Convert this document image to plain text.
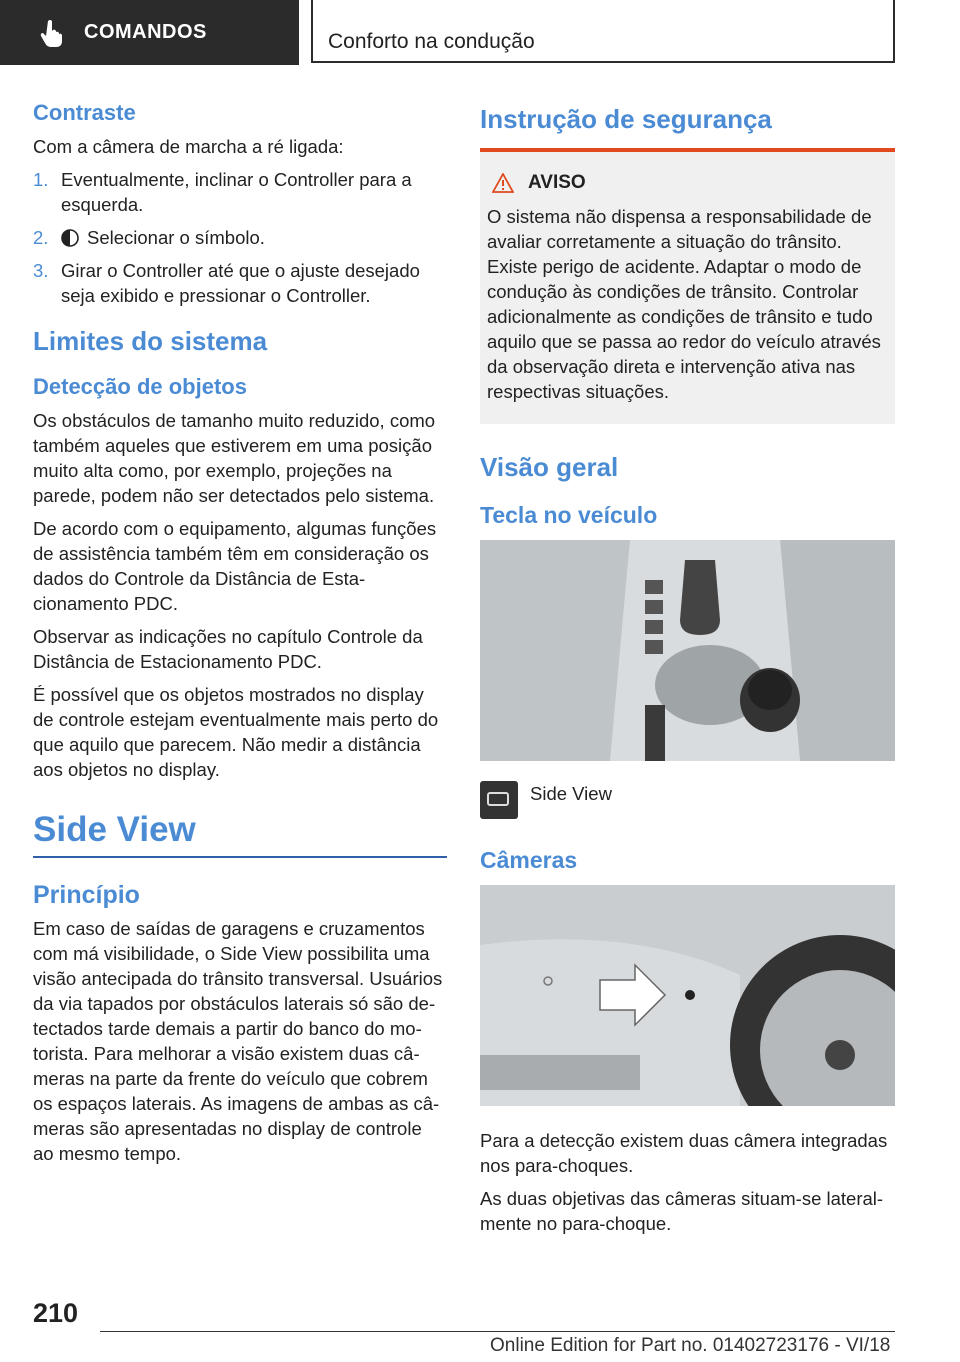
COMANDOS	Conforto na condução
Contraste

Com a câmera de marcha a ré ligada:

1. Eventualmente, inclinar o Controller para a esquerda.
2. Selecionar o símbolo.
3. Girar o Controller até que o ajuste desejado seja exibido e pressionar o Controller.
Limites do sistema
Detecção de objetos

Os obstáculos de tamanho muito reduzido, como também aqueles que estiverem em uma posição muito alta como, por exemplo, projeções na parede, podem não ser detectados pelo sistema.

De acordo com o equipamento, algumas funções de assistência também têm em consideração os dados do Controle da Distância de Estacionamento PDC.

Observar as indicações no capítulo Controle da Distância de Estacionamento PDC.

É possível que os objetos mostrados no display de controle estejam eventualmente mais perto do que aquilo que parecem. Não medir a distância aos objetos no display.

Side View
Princípio

Em caso de saídas de garagens e cruzamentos com má visibilidade, o Side View possibilita uma visão antecipada do trânsito transversal. Usuários da via tapados por obstáculos laterais só são detectados tarde demais a partir do banco do motorista. Para melhorar a visão existem duas câmeras na parte da frente do veículo que cobrem os espaços laterais. As imagens de ambas as câmeras são apresentadas no display de controle ao mesmo tempo.

Instrução de segurança
AVISO

O sistema não dispensa a responsabilidade de avaliar corretamente a situação do trânsito. Existe perigo de acidente. Adaptar o modo de condução às condições de trânsito. Controlar adicionalmente as condições de trânsito e tudo aquilo que se passa ao redor do veículo através da observação direta e intervenção ativa nas respectivas situações.

Visão geral
Tecla no veículo

Side View

Câmeras

Para a detecção existem duas câmera integradas nos para-choques.

As duas objetivas das câmeras situam-se lateralmente no para-choque.

210
Online Edition for Part no. 01402723176 - VI/18
